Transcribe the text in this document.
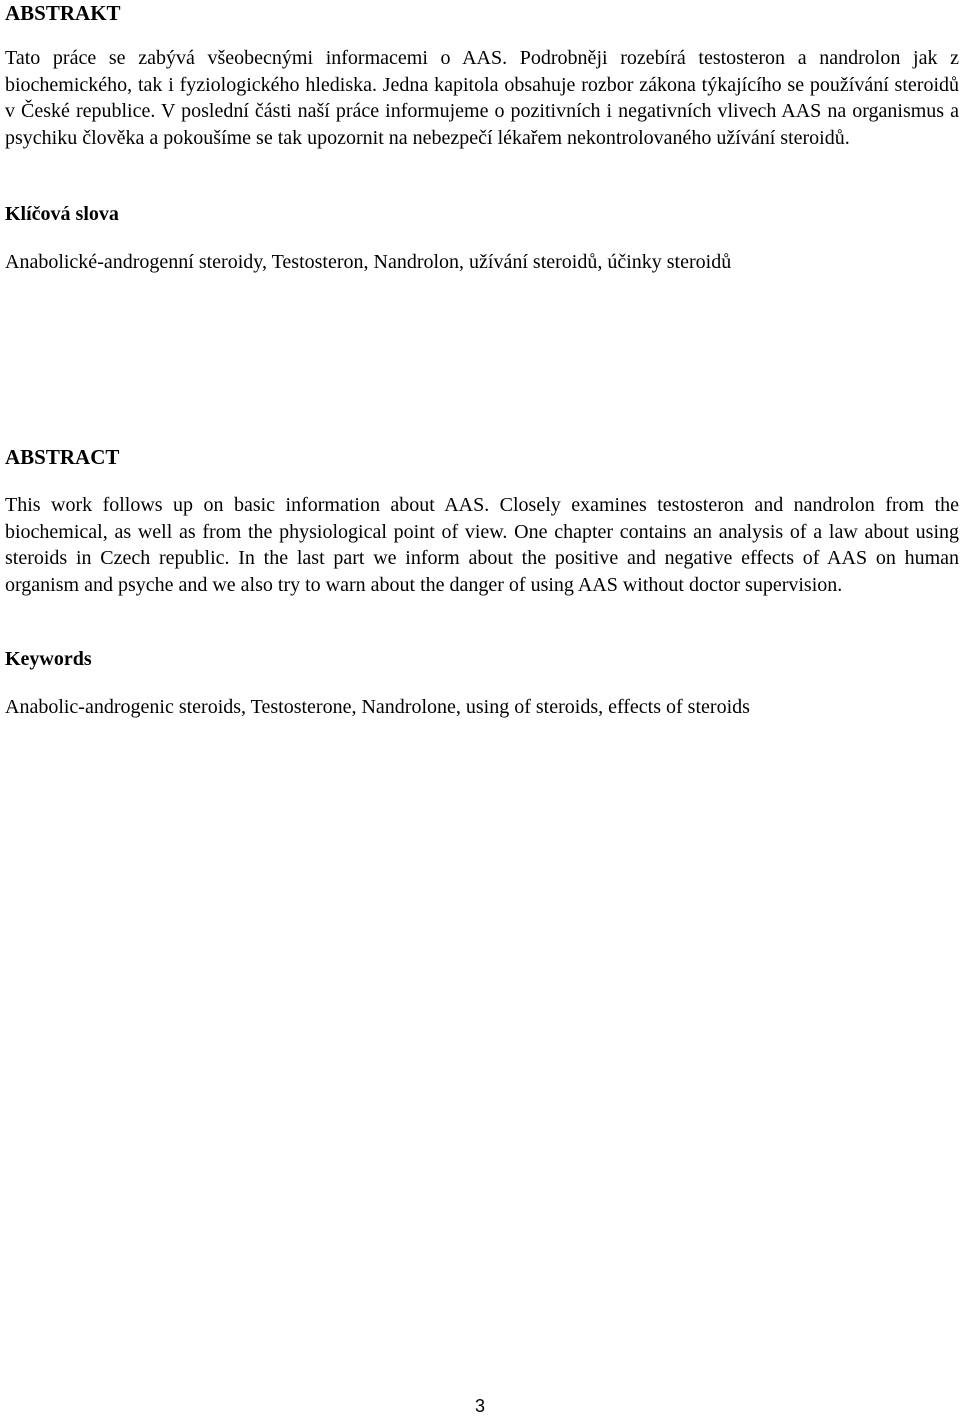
ABSTRAKT

Tato práce se zabývá všeobecnými informacemi o AAS. Podrobněji rozebírá testosteron a nandrolon jak z biochemického, tak i fyziologického hlediska. Jedna kapitola obsahuje rozbor zákona týkajícího se používání steroidů v České republice. V poslední části naší práce informujeme o pozitivních i negativních vlivech AAS na organismus a psychiku člověka a pokoušíme se tak upozornit na nebezpečí lékařem nekontrolovaného užívání steroidů.

Klíčová slova

Anabolické-androgenní steroidy, Testosteron, Nandrolon, užívání steroidů, účinky steroidů

ABSTRACT

This work follows up on basic information about AAS. Closely examines testosteron and nandrolon from the biochemical, as well as from the physiological point of view. One chapter contains an analysis of a law about using steroids in Czech republic. In the last part we inform about the positive and negative effects of AAS on human organism and psyche and we also try to warn about the danger of using AAS without doctor supervision.

Keywords

Anabolic-androgenic steroids, Testosterone, Nandrolone, using of steroids, effects of steroids

3
